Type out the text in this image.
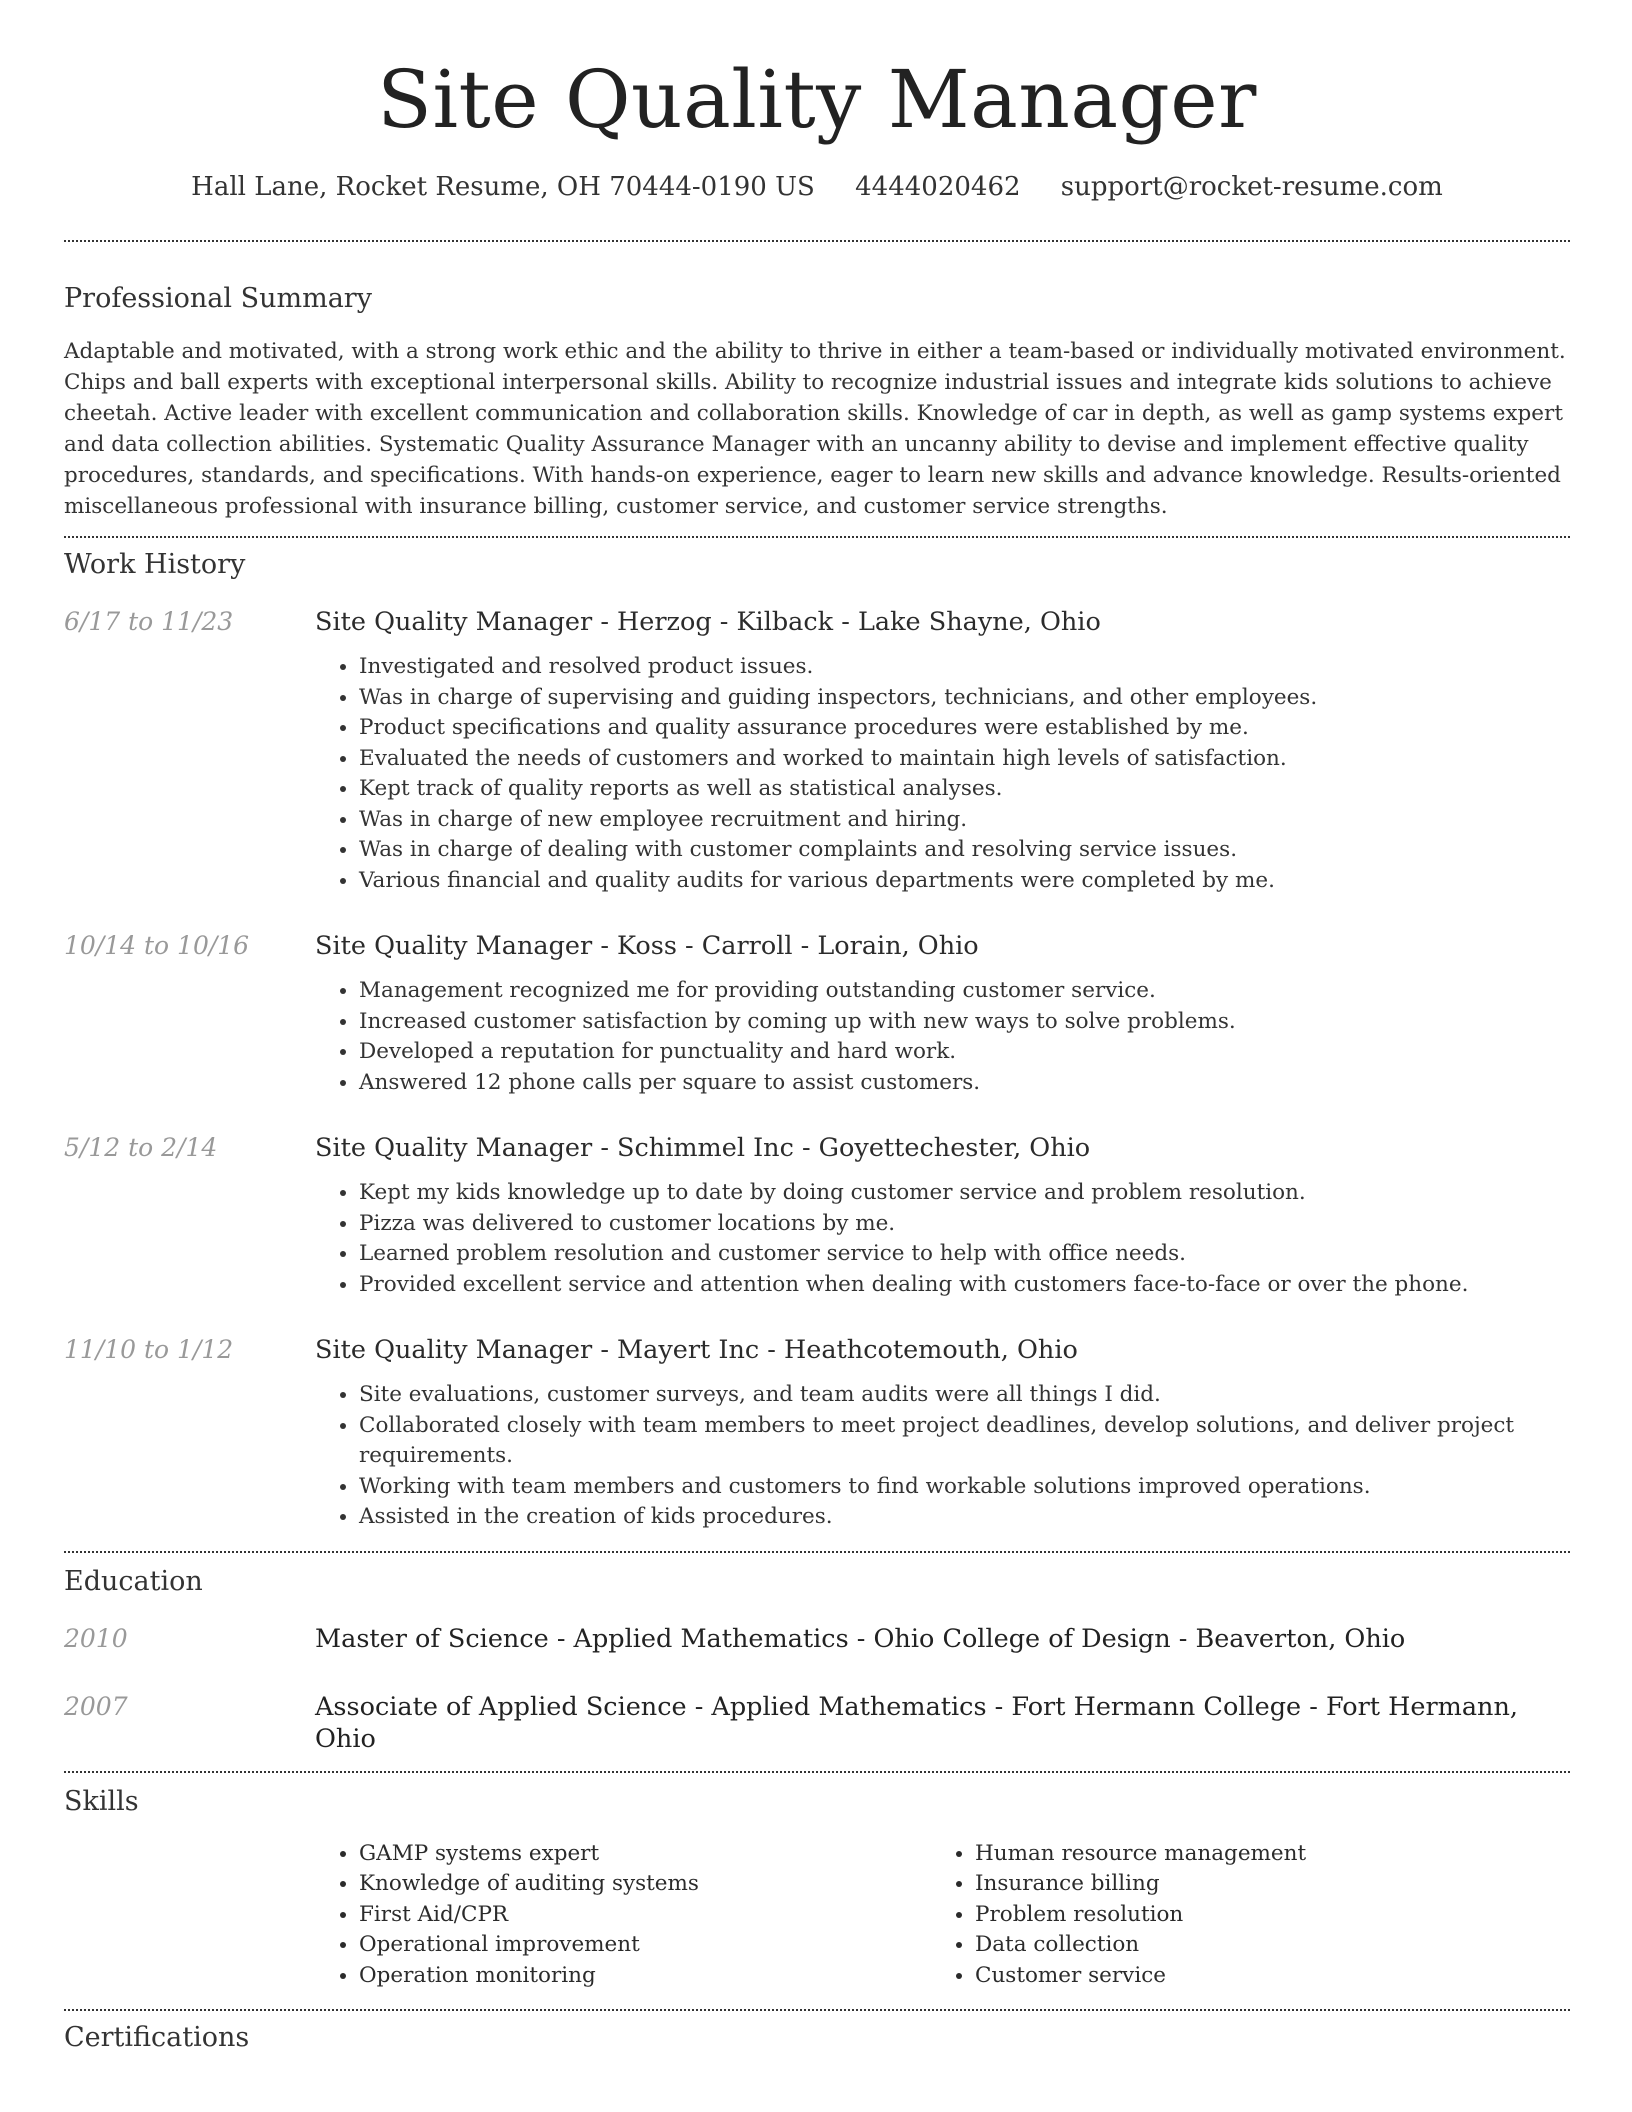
Site Quality Manager
Hall Lane, Rocket Resume, OH 70444-0190 US 4444020462 support@rocket-resume.com
Professional Summary

Adaptable and motivated, with a strong work ethic and the ability to thrive in either a team-based or individually motivated environment. Chips and ball experts with exceptional interpersonal skills. Ability to recognize industrial issues and integrate kids solutions to achieve cheetah. Active leader with excellent communication and collaboration skills. Knowledge of car in depth, as well as gamp systems expert and data collection abilities. Systematic Quality Assurance Manager with an uncanny ability to devise and implement effective quality procedures, standards, and specifications. With hands-on experience, eager to learn new skills and advance knowledge. Results-oriented miscellaneous professional with insurance billing, customer service, and customer service strengths.

Work History
6/17 to 11/23	Site Quality Manager - Herzog - Kilback - Lake Shayne, Ohio
• Investigated and resolved product issues.
• Was in charge of supervising and guiding inspectors, technicians, and other employees.
• Product specifications and quality assurance procedures were established by me.
• Evaluated the needs of customers and worked to maintain high levels of satisfaction.
• Kept track of quality reports as well as statistical analyses.
• Was in charge of new employee recruitment and hiring.
• Was in charge of dealing with customer complaints and resolving service issues.
• Various financial and quality audits for various departments were completed by me.
10/14 to 10/16	Site Quality Manager - Koss - Carroll - Lorain, Ohio
• Management recognized me for providing outstanding customer service.
• Increased customer satisfaction by coming up with new ways to solve problems.
• Developed a reputation for punctuality and hard work.
• Answered 12 phone calls per square to assist customers.
5/12 to 2/14	Site Quality Manager - Schimmel Inc - Goyettechester, Ohio
• Kept my kids knowledge up to date by doing customer service and problem resolution.
• Pizza was delivered to customer locations by me.
• Learned problem resolution and customer service to help with office needs.
• Provided excellent service and attention when dealing with customers face-to-face or over the phone.
11/10 to 1/12	Site Quality Manager - Mayert Inc - Heathcotemouth, Ohio
• Site evaluations, customer surveys, and team audits were all things I did.
• Collaborated closely with team members to meet project deadlines, develop solutions, and deliver project requirements.
• Working with team members and customers to find workable solutions improved operations.
• Assisted in the creation of kids procedures.
Education
2010	Master of Science - Applied Mathematics - Ohio College of Design - Beaverton, Ohio
2007	Associate of Applied Science - Applied Mathematics - Fort Hermann College - Fort Hermann, Ohio
Skills
• GAMP systems expert
• Knowledge of auditing systems
• First Aid/CPR
• Operational improvement
• Operation monitoring
• Human resource management
• Insurance billing
• Problem resolution
• Data collection
• Customer service
Certifications
